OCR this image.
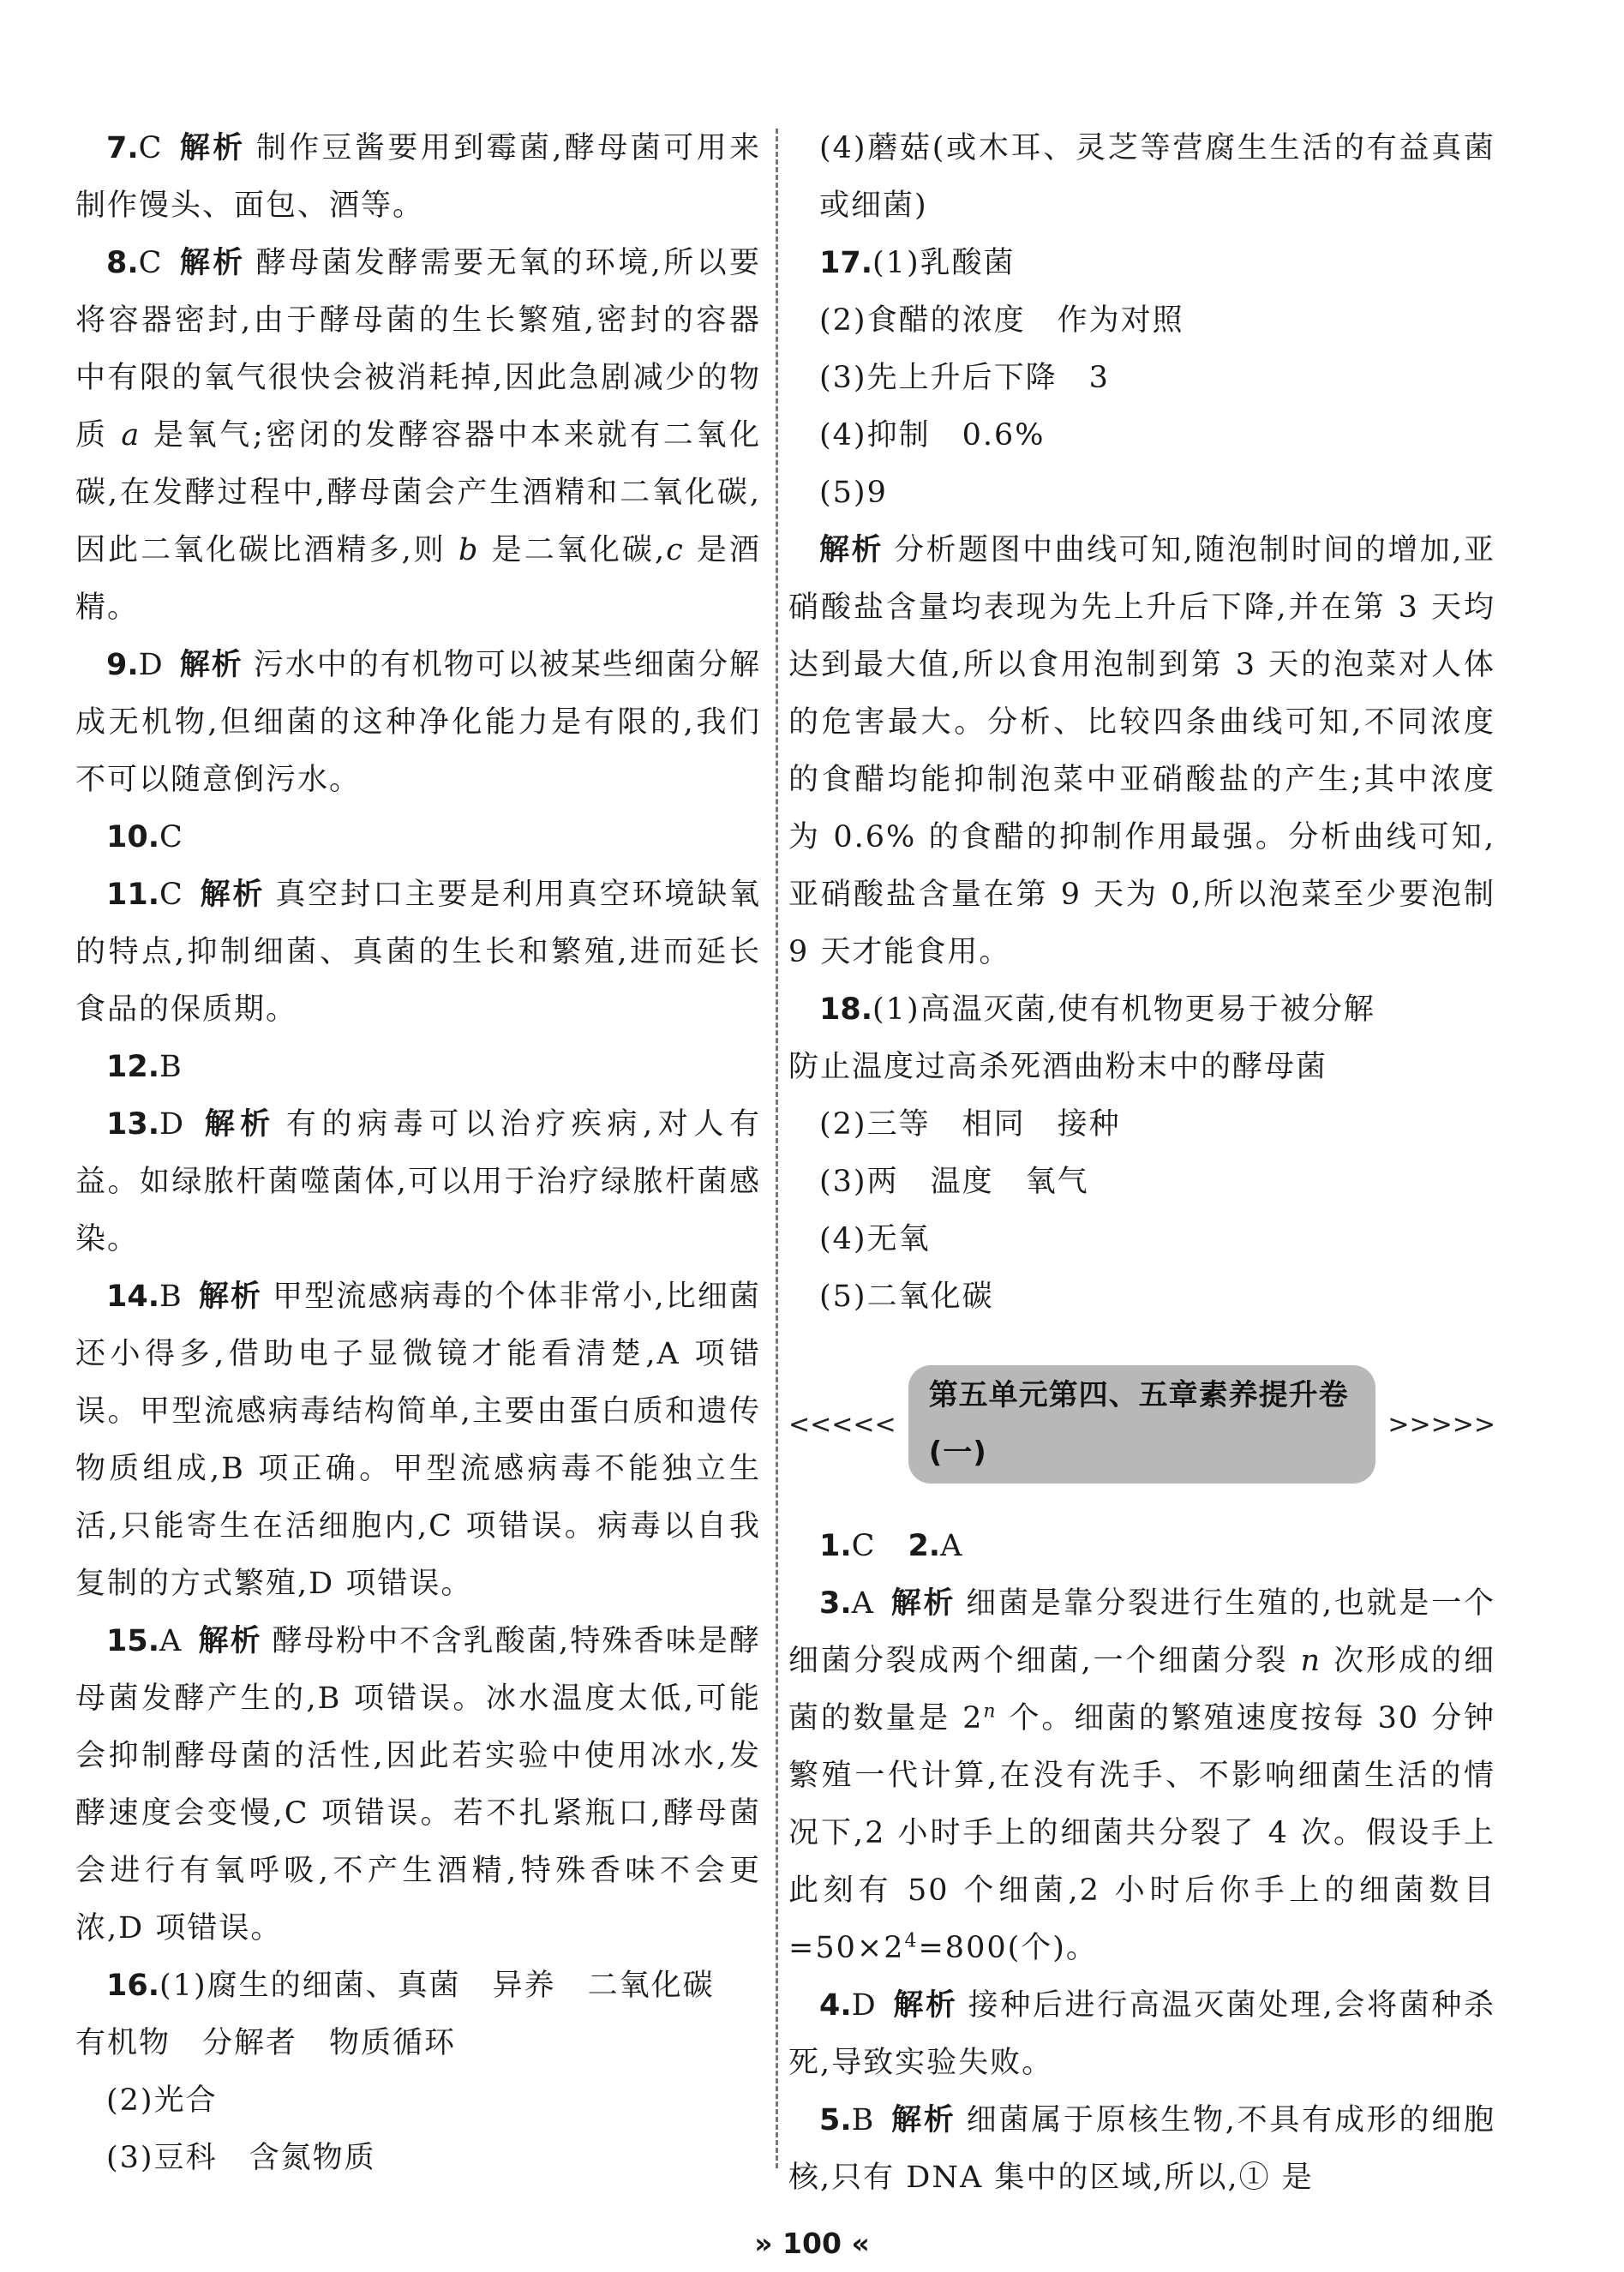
7.C 解析 制作豆酱要用到霉菌,酵母菌可用来制作馒头、面包、酒等。

8.C 解析 酵母菌发酵需要无氧的环境,所以要将容器密封,由于酵母菌的生长繁殖,密封的容器中有限的氧气很快会被消耗掉,因此急剧减少的物质 a 是氧气;密闭的发酵容器中本来就有二氧化碳,在发酵过程中,酵母菌会产生酒精和二氧化碳,因此二氧化碳比酒精多,则 b 是二氧化碳,c 是酒精。

9.D 解析 污水中的有机物可以被某些细菌分解成无机物,但细菌的这种净化能力是有限的,我们不可以随意倒污水。

10.C

11.C 解析 真空封口主要是利用真空环境缺氧的特点,抑制细菌、真菌的生长和繁殖,进而延长食品的保质期。

12.B

13.D 解析 有的病毒可以治疗疾病,对人有益。如绿脓杆菌噬菌体,可以用于治疗绿脓杆菌感染。

14.B 解析 甲型流感病毒的个体非常小,比细菌还小得多,借助电子显微镜才能看清楚,A 项错误。甲型流感病毒结构简单,主要由蛋白质和遗传物质组成,B 项正确。甲型流感病毒不能独立生活,只能寄生在活细胞内,C 项错误。病毒以自我复制的方式繁殖,D 项错误。

15.A 解析 酵母粉中不含乳酸菌,特殊香味是酵母菌发酵产生的,B 项错误。冰水温度太低,可能会抑制酵母菌的活性,因此若实验中使用冰水,发酵速度会变慢,C 项错误。若不扎紧瓶口,酵母菌会进行有氧呼吸,不产生酒精,特殊香味不会更浓,D 项错误。

16.(1)腐生的细菌、真菌　异养　二氧化碳

有机物　分解者　物质循环

(2)光合

(3)豆科　含氮物质

(4)蘑菇(或木耳、灵芝等营腐生生活的有益真菌或细菌)

17.(1)乳酸菌

(2)食醋的浓度　作为对照

(3)先上升后下降　3

(4)抑制　0.6%

(5)9

解析 分析题图中曲线可知,随泡制时间的增加,亚硝酸盐含量均表现为先上升后下降,并在第 3 天均达到最大值,所以食用泡制到第 3 天的泡菜对人体的危害最大。分析、比较四条曲线可知,不同浓度的食醋均能抑制泡菜中亚硝酸盐的产生;其中浓度为 0.6% 的食醋的抑制作用最强。分析曲线可知,亚硝酸盐含量在第 9 天为 0,所以泡菜至少要泡制 9 天才能食用。

18.(1)高温灭菌,使有机物更易于被分解

防止温度过高杀死酒曲粉末中的酵母菌

(2)三等　相同　接种

(3)两　温度　氧气

(4)无氧

(5)二氧化碳

<<<<<
第五单元第四、五章素养提升卷(一)
>>>>>

1.C　 2.A

3.A 解析 细菌是靠分裂进行生殖的,也就是一个细菌分裂成两个细菌,一个细菌分裂 n 次形成的细菌的数量是 2$^n$ 个。细菌的繁殖速度按每 30 分钟繁殖一代计算,在没有洗手、不影响细菌生活的情况下,2 小时手上的细菌共分裂了 4 次。假设手上此刻有 50 个细菌,2 小时后你手上的细菌数目$=50\times 2^4=800$(个)。

4.D 解析 接种后进行高温灭菌处理,会将菌种杀死,导致实验失败。

5.B 解析 细菌属于原核生物,不具有成形的细胞核,只有 DNA 集中的区域,所以,① 是

» 100 «
